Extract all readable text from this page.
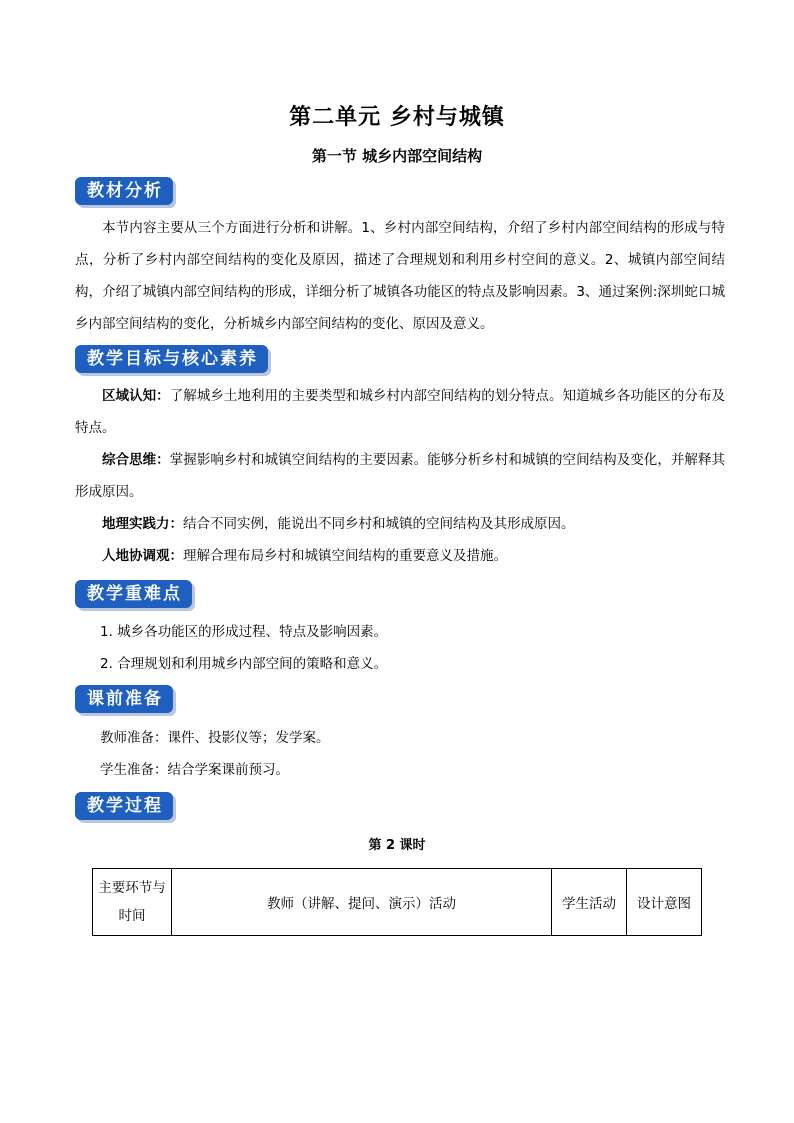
第二单元 乡村与城镇
第一节 城乡内部空间结构
教材分析
本节内容主要从三个方面进行分析和讲解。1、乡村内部空间结构，介绍了乡村内部空间结构的形成与特点，分析了乡村内部空间结构的变化及原因，描述了合理规划和利用乡村空间的意义。2、城镇内部空间结构，介绍了城镇内部空间结构的形成，详细分析了城镇各功能区的特点及影响因素。3、通过案例:深圳蛇口城乡内部空间结构的变化，分析城乡内部空间结构的变化、原因及意义。
教学目标与核心素养
区域认知：了解城乡土地利用的主要类型和城乡村内部空间结构的划分特点。知道城乡各功能区的分布及特点。
综合思维：掌握影响乡村和城镇空间结构的主要因素。能够分析乡村和城镇的空间结构及变化，并解释其形成原因。
地理实践力：结合不同实例，能说出不同乡村和城镇的空间结构及其形成原因。
人地协调观：理解合理布局乡村和城镇空间结构的重要意义及措施。
教学重难点
1. 城乡各功能区的形成过程、特点及影响因素。
2. 合理规划和利用城乡内部空间的策略和意义。
课前准备
教师准备：课件、投影仪等；发学案。
学生准备：结合学案课前预习。
教学过程
第 2 课时
主要环节与时间	教师（讲解、提问、演示）活动	学生活动	设计意图
